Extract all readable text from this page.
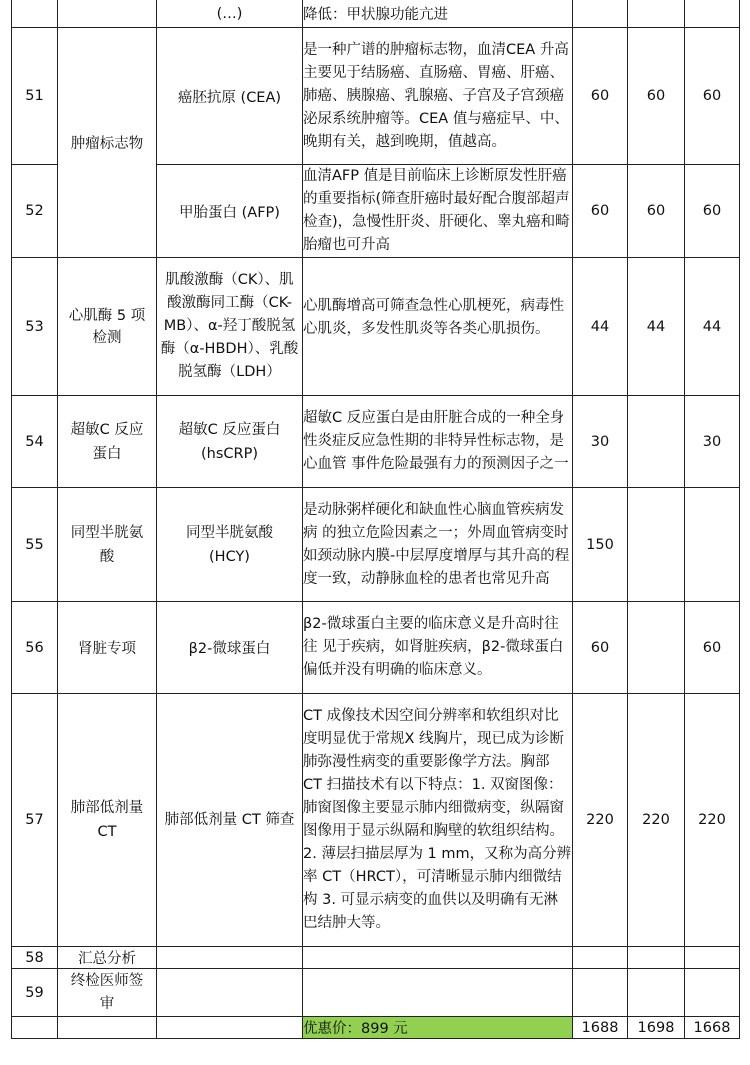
		(…)	降低：甲状腺功能亢进			
51	肿瘤标志物	癌胚抗原 (CEA)	是一种广谱的肿瘤标志物，血清CEA 升高主要见于结肠癌、直肠癌、胃癌、肝癌、肺癌、胰腺癌、乳腺癌、子宫及子宫颈癌泌尿系统肿瘤等。CEA 值与癌症早、中、晚期有关，越到晚期，值越高。	60	60	60
52		甲胎蛋白 (AFP)	血清AFP 值是目前临床上诊断原发性肝癌的重要指标(筛查肝癌时最好配合腹部超声检查)，急慢性肝炎、肝硬化、睾丸癌和畸胎瘤也可升高	60	60	60
53	心肌酶 5 项检测	肌酸激酶（CK）、肌酸激酶同工酶（CK-MB）、α-羟丁酸脱氢酶（α-HBDH）、乳酸脱氢酶（LDH）	心肌酶增高可筛查急性心肌梗死，病毒性心肌炎，多发性肌炎等各类心肌损伤。	44	44	44
54	超敏C 反应蛋白	超敏C 反应蛋白(hsCRP)	超敏C 反应蛋白是由肝脏合成的一种全身性炎症反应急性期的非特异性标志物，是心血管 事件危险最强有力的预测因子之一	30		30
55	同型半胱氨酸	同型半胱氨酸(HCY)	是动脉粥样硬化和缺血性心脑血管疾病发病 的独立危险因素之一；外周血管病变时如颈动脉内膜-中层厚度增厚与其升高的程度一致，动静脉血栓的患者也常见升高	150		
56	肾脏专项	β2-微球蛋白	β2-微球蛋白主要的临床意义是升高时往往 见于疾病，如肾脏疾病，β2-微球蛋白偏低并没有明确的临床意义。	60		60
57	肺部低剂量 CT	肺部低剂量 CT 筛查	CT 成像技术因空间分辨率和软组织对比度明显优于常规X 线胸片，现已成为诊断肺弥漫性病变的重要影像学方法。胸部 CT 扫描技术有以下特点：1. 双窗图像：肺窗图像主要显示肺内细微病变，纵隔窗图像用于显示纵隔和胸壁的软组织结构。2. 薄层扫描层厚为 1 mm，又称为高分辨率 CT（HRCT），可清晰显示肺内细微结构 3. 可显示病变的血供以及明确有无淋巴结肿大等。	220	220	220
58	汇总分析					
59	终检医师签审					
			优惠价：899 元	1688	1698	1668
